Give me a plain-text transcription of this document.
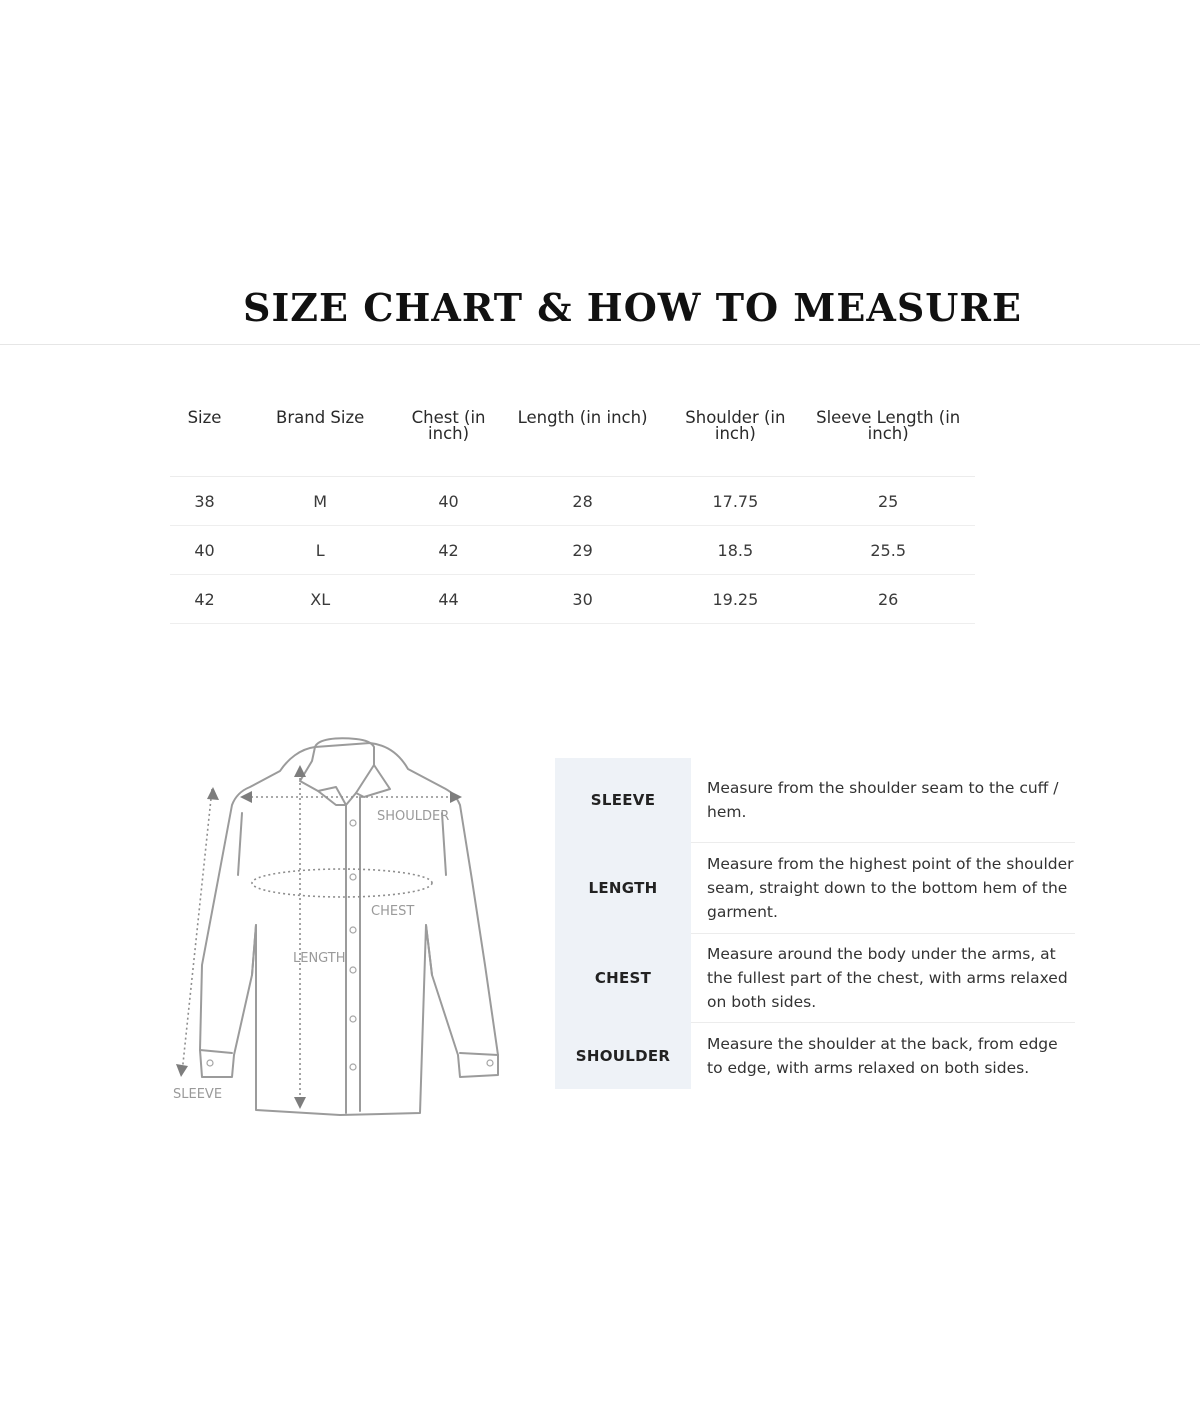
SIZE CHART & HOW TO MEASURE
Size	Brand Size	Chest (in inch)	Length (in inch)	Shoulder (in inch)	Sleeve Length (in inch)
38	M	40	28	17.75	25
40	L	42	29	18.5	25.5
42	XL	44	30	19.25	26
SHOULDER
CHEST
LENGTH
SLEEVE
SLEEVE	Measure from the shoulder seam to the cuff / hem.
LENGTH	Measure from the highest point of the shoulder seam, straight down to the bottom hem of the garment.
CHEST	Measure around the body under the arms, at the fullest part of the chest, with arms relaxed on both sides.
SHOULDER	Measure the shoulder at the back, from edge to edge, with arms relaxed on both sides.
